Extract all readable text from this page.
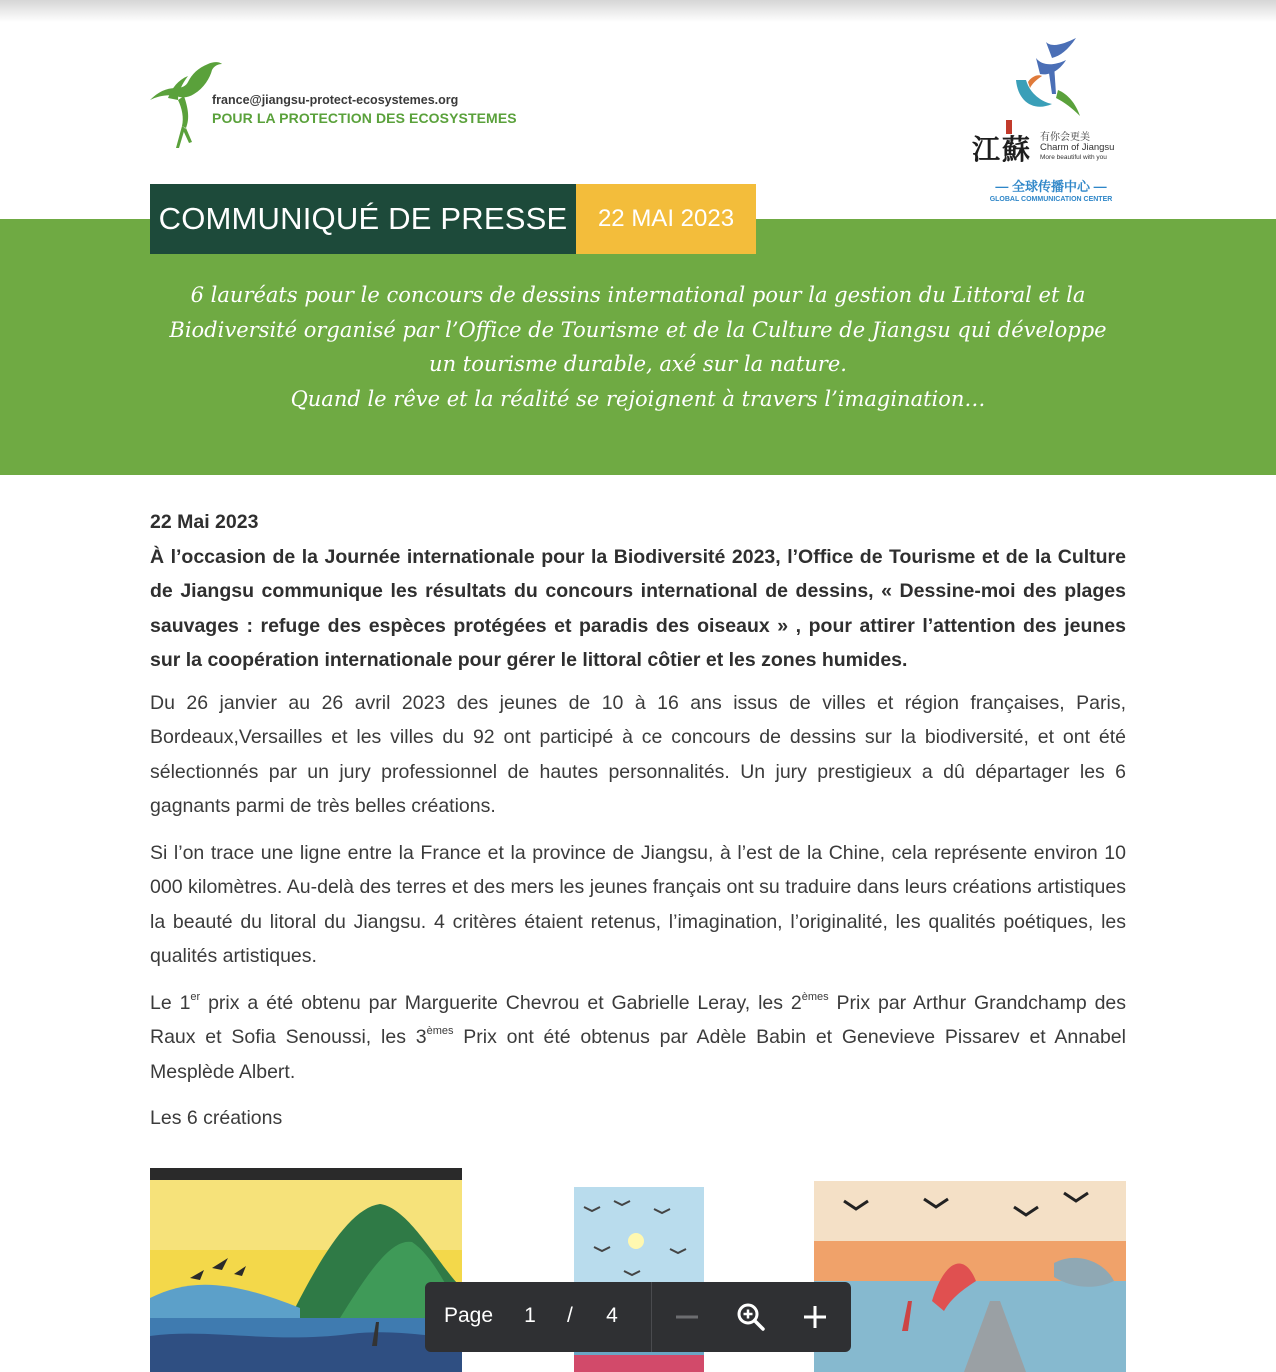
france@jiangsu-protect-ecosystemes.org
POUR LA PROTECTION DES ECOSYSTEMES
江蘇 有你会更美
Charm of Jiangsu
More beautiful with you
— 全球传播中心 —
GLOBAL COMMUNICATION CENTER
COMMUNIQUÉ DE PRESSE	22 MAI 2023
6 lauréats pour le concours de dessins international pour la gestion du Littoral et la
Biodiversité organisé par l’Office de Tourisme et de la Culture de Jiangsu qui développe
un tourisme durable, axé sur la nature.
Quand le rêve et la réalité se rejoignent à travers l’imagination…

22 Mai 2023

À l’occasion de la Journée internationale pour la Biodiversité 2023, l’Office de Tourisme et de la Culture de Jiangsu communique les résultats du concours international de dessins, « Dessine-moi des plages sauvages : refuge des espèces protégées et paradis des oiseaux » , pour attirer l’attention des jeunes sur la coopération internationale pour gérer le littoral côtier et les zones humides.

Du 26 janvier au 26 avril 2023 des jeunes de 10 à 16 ans issus de villes et région françaises, Paris, Bordeaux,Versailles et les villes du 92 ont participé à ce concours de dessins sur la biodiversité, et ont été sélectionnés par un jury professionnel de hautes personnalités. Un jury prestigieux a dû départager les 6 gagnants parmi de très belles créations.

Si l’on trace une ligne entre la France et la province de Jiangsu, à l’est de la Chine, cela représente environ 10 000 kilomètres. Au-delà des terres et des mers les jeunes français ont su traduire dans leurs créations artistiques la beauté du litoral du Jiangsu. 4 critères étaient retenus, l’imagination, l’originalité, les qualités poétiques, les qualités artistiques.

Le 1er prix a été obtenu par Marguerite Chevrou et Gabrielle Leray, les 2èmes Prix par Arthur Grandchamp des Raux et Sofia Senoussi, les 3èmes Prix ont été obtenus par Adèle Babin et Genevieve Pissarev et Annabel Mesplède Albert.

Les 6 créations

Page 1 / 4
